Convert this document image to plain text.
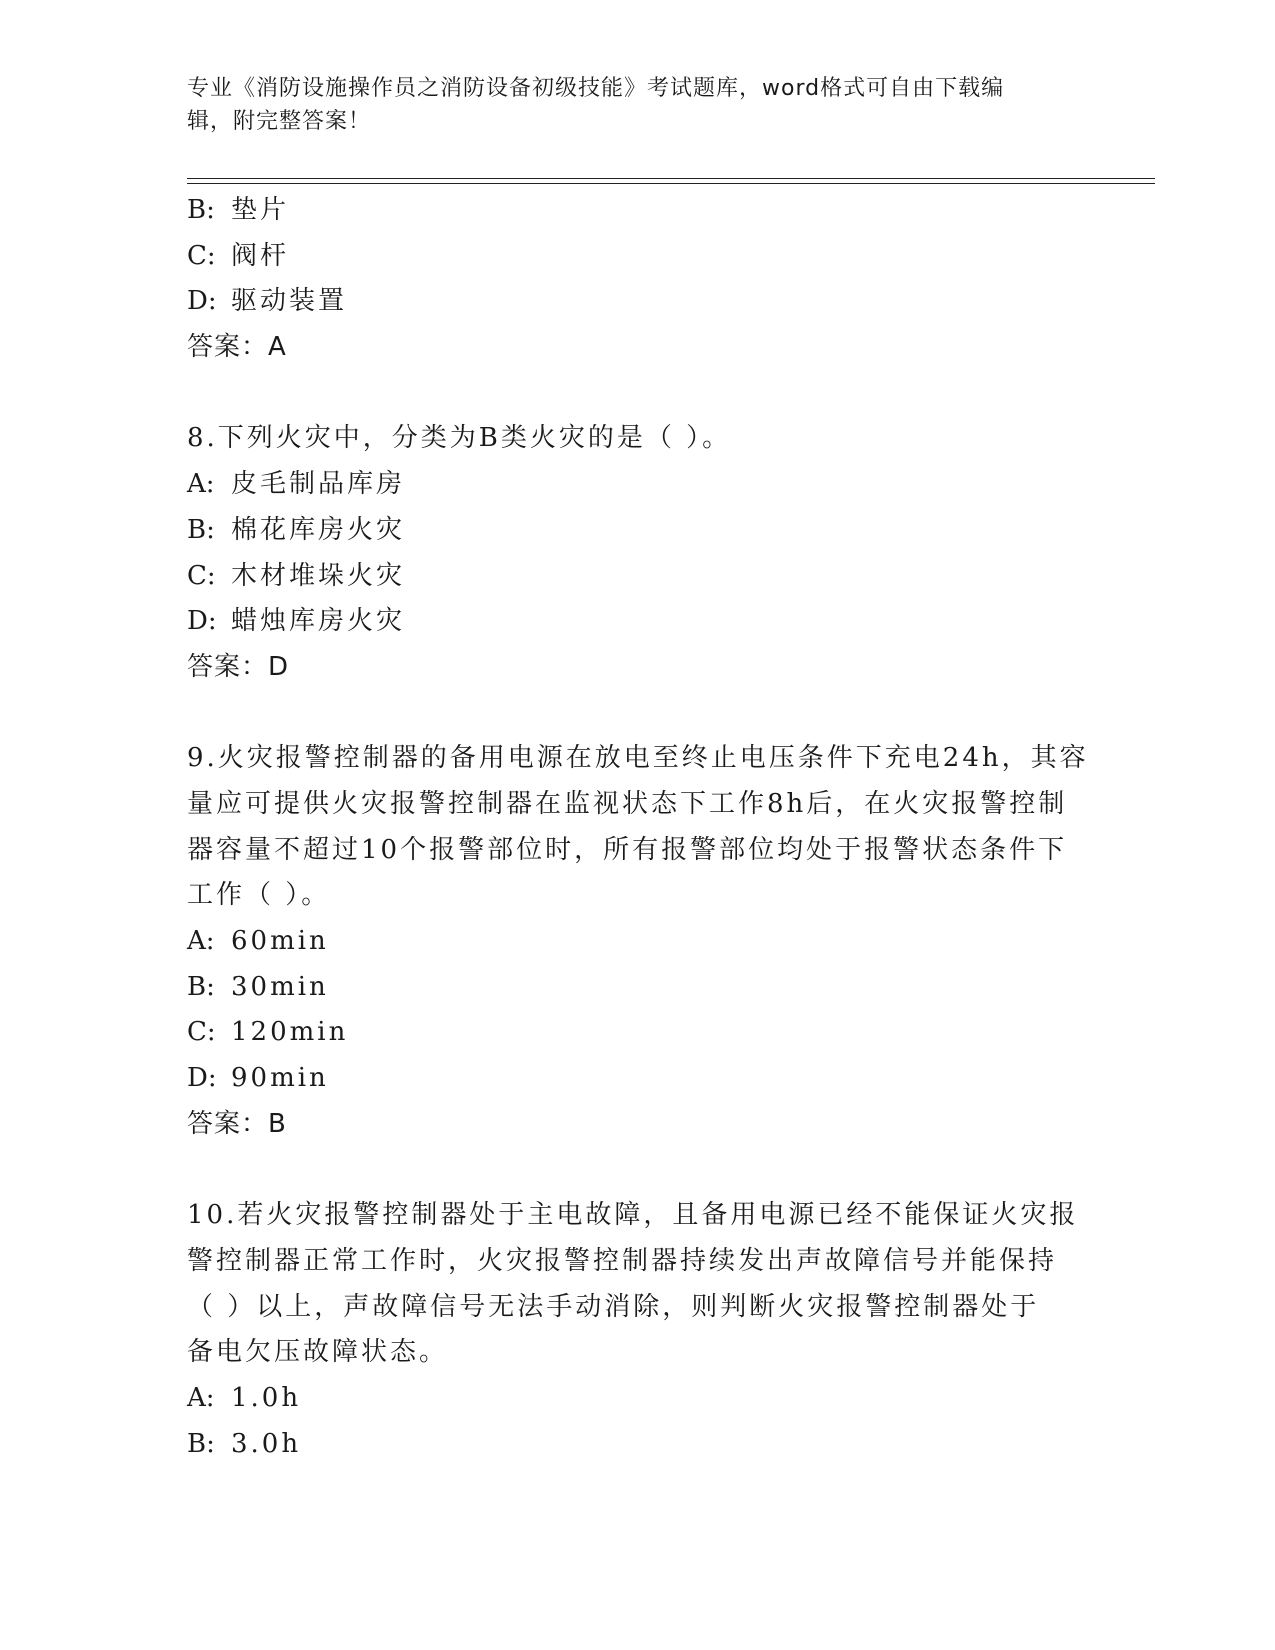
专业《消防设施操作员之消防设备初级技能》考试题库，word格式可自由下载编
辑，附完整答案！
B: 垫片
C: 阀杆
D: 驱动装置
答案：A
8.下列火灾中，分类为B类火灾的是（ ）。
A: 皮毛制品库房
B: 棉花库房火灾
C: 木材堆垛火灾
D: 蜡烛库房火灾
答案：D
9.火灾报警控制器的备用电源在放电至终止电压条件下充电24h，其容
量应可提供火灾报警控制器在监视状态下工作8h后，在火灾报警控制
器容量不超过10个报警部位时，所有报警部位均处于报警状态条件下
工作（ ）。
A: 60min
B: 30min
C: 120min
D: 90min
答案：B
10.若火灾报警控制器处于主电故障，且备用电源已经不能保证火灾报
警控制器正常工作时，火灾报警控制器持续发出声故障信号并能保持
（ ）以上，声故障信号无法手动消除，则判断火灾报警控制器处于
备电欠压故障状态。
A: 1.0h
B: 3.0h
